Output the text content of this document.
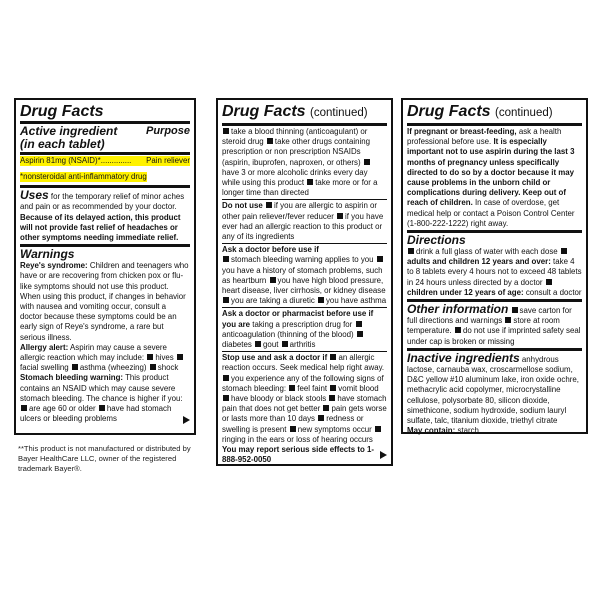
Drug Facts
Active ingredient	Purpose
(in each tablet)
Aspirin 81mg (NSAID)*.............. Pain reliever
*nonsteroidal anti-inflammatory drug
Uses for the temporary relief of minor aches and pain or as recommended by your doctor. Because of its delayed action, this product will not provide fast relief of headaches or other symptoms needing immediate relief.
Warnings
Reye's syndrome: Children and teenagers who have or are recovering from chicken pox or flu-like symptoms should not use this product. When using this product, if changes in behavior with nausea and vomiting occur, consult a doctor because these symptoms could be an early sign of Reye's syndrome, a rare but serious illness.
Allergy alert: Aspirin may cause a severe allergic reaction which may include: hives facial swelling asthma (wheezing) shock
Stomach bleeding warning: This product contains an NSAID which may cause severe stomach bleeding. The chance is higher if you: are age 60 or older have had stomach ulcers or bleeding problems
**This product is not manufactured or distributed by Bayer HealthCare LLC, owner of the registered trademark Bayer®.
Drug Facts (continued)
take a blood thinning (anticoagulant) or steroid drug take other drugs containing prescription or non prescription NSAIDs (aspirin, ibuprofen, naproxen, or others) have 3 or more alcoholic drinks every day while using this product take more or for a longer time than directed
Do not use if you are allergic to aspirin or other pain reliever/fever reducer if you have ever had an allergic reaction to this product or any of its ingredients
Ask a doctor before use if
stomach bleeding warning applies to you you have a history of stomach problems, such as heartburn you have high blood pressure, heart disease, liver cirrhosis, or kidney disease you are taking a diuretic you have asthma
Ask a doctor or pharmacist before use if you are taking a prescription drug for anticoagulation (thinning of the blood) diabetes gout arthritis
Stop use and ask a doctor if an allergic reaction occurs. Seek medical help right away. you experience any of the following signs of stomach bleeding: feel faint vomit blood have bloody or black stools have stomach pain that does not get better pain gets worse or lasts more than 10 days redness or swelling is present new symptoms occur ringing in the ears or loss of hearing occurs
You may report serious side effects to 1-888-952-0050
Drug Facts (continued)
If pregnant or breast-feeding, ask a health professional before use. It is especially important not to use aspirin during the last 3 months of pregnancy unless specifically directed to do so by a doctor because it may cause problems in the unborn child or complications during delivery. Keep out of reach of children. In case of overdose, get medical help or contact a Poison Control Center (1-800-222-1222) right away.
Directions
drink a full glass of water with each dose adults and children 12 years and over: take 4 to 8 tablets every 4 hours not to exceed 48 tablets in 24 hours unless directed by a doctor children under 12 years of age: consult a doctor
Other information save carton for full directions and warnings store at room temperature. do not use if imprinted safety seal under cap is broken or missing
Inactive ingredients anhydrous lactose, carnauba wax, croscarmellose sodium, D&C yellow #10 aluminum lake, iron oxide ochre, methacrylic acid copolymer, microcrystalline cellulose, polysorbate 80, silicon dioxide, simethicone, sodium hydroxide, sodium lauryl sulfate, talc, titanium dioxide, triethyl citrate
May contain: starch
